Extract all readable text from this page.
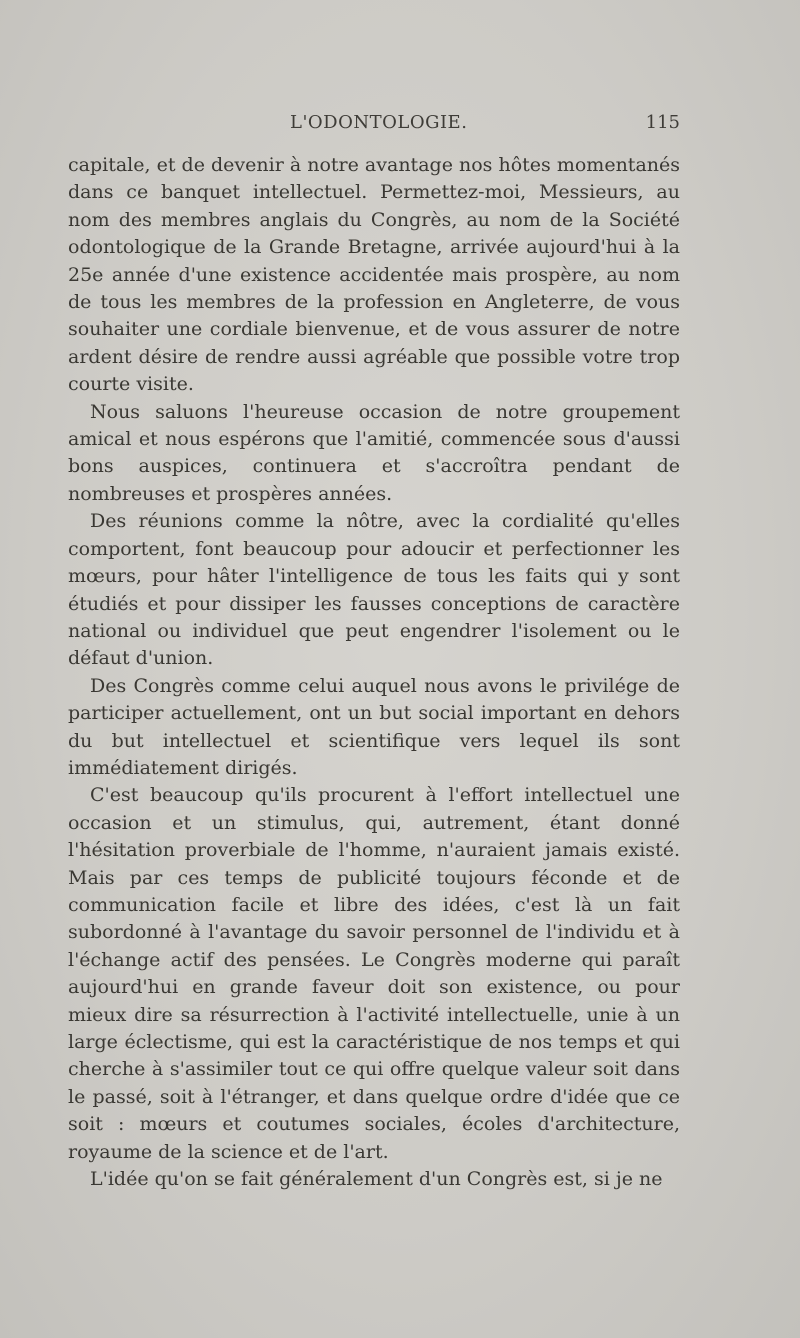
L'ODONTOLOGIE.	115

capitale, et de devenir à notre avantage nos hôtes momentanés dans ce banquet intellectuel. Permettez-moi, Messieurs, au nom des membres anglais du Congrès, au nom de la Société odontologique de la Grande Bretagne, arrivée aujourd'hui à la 25e année d'une existence accidentée mais prospère, au nom de tous les membres de la profession en Angleterre, de vous souhaiter une cordiale bienvenue, et de vous assurer de notre ardent désire de rendre aussi agréable que possible votre trop courte visite.

Nous saluons l'heureuse occasion de notre groupement amical et nous espérons que l'amitié, commencée sous d'aussi bons auspices, continuera et s'accroîtra pendant de nombreuses et prospères années.

Des réunions comme la nôtre, avec la cordialité qu'elles comportent, font beaucoup pour adoucir et perfectionner les mœurs, pour hâter l'intelligence de tous les faits qui y sont étudiés et pour dissiper les fausses conceptions de caractère national ou individuel que peut engendrer l'isolement ou le défaut d'union.

Des Congrès comme celui auquel nous avons le privilége de participer actuellement, ont un but social important en dehors du but intellectuel et scientifique vers lequel ils sont immédiatement dirigés.

C'est beaucoup qu'ils procurent à l'effort intellectuel une occasion et un stimulus, qui, autrement, étant donné l'hésitation proverbiale de l'homme, n'auraient jamais existé. Mais par ces temps de publicité toujours féconde et de communication facile et libre des idées, c'est là un fait subordonné à l'avantage du savoir personnel de l'individu et à l'échange actif des pensées. Le Congrès moderne qui paraît aujourd'hui en grande faveur doit son existence, ou pour mieux dire sa résurrection à l'activité intellectuelle, unie à un large éclectisme, qui est la caractéristique de nos temps et qui cherche à s'assimiler tout ce qui offre quelque valeur soit dans le passé, soit à l'étranger, et dans quelque ordre d'idée que ce soit : mœurs et coutumes sociales, écoles d'architecture, royaume de la science et de l'art.

L'idée qu'on se fait généralement d'un Congrès est, si je ne
